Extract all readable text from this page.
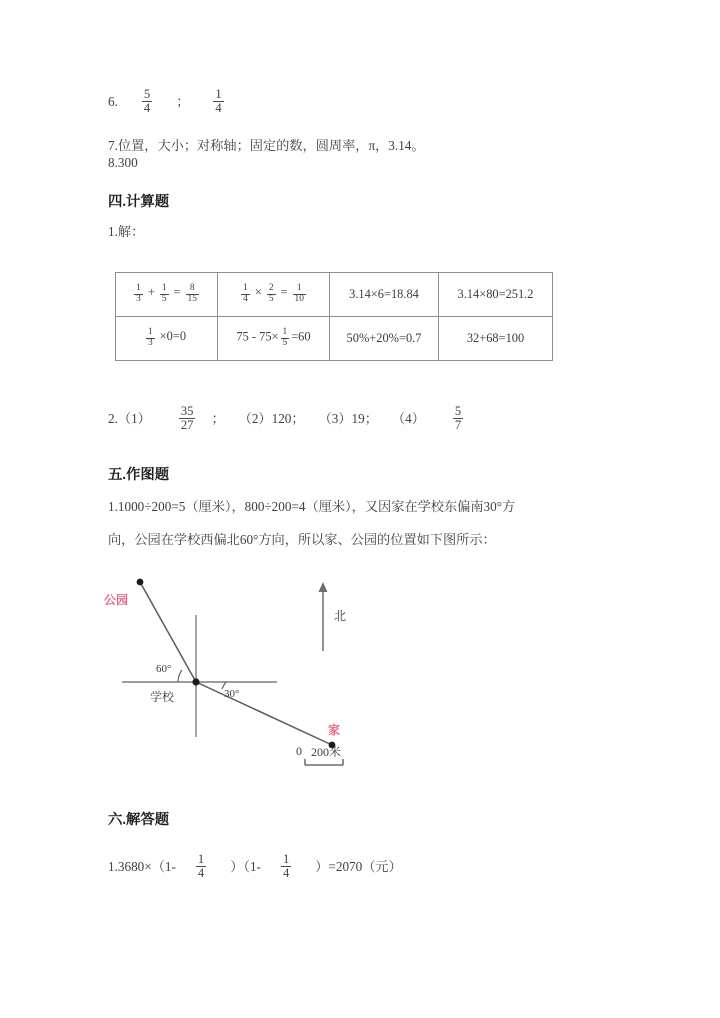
6. $\frac{5}{4}$ ； $\frac{1}{4}$
7.位置，大小；对称轴；固定的数，圆周率，π，3.14。
8.300
四.计算题
1.解：
$\frac{1}{3} + \frac{1}{5} = \frac{8}{15}$	$\frac{1}{4} \times \frac{2}{5} = \frac{1}{10}$	3.14×6=18.84	3.14×80=251.2

$\frac{1}{3} \times 0=0$	$75 - 75\times \frac{1}{5} =60$	50%+20%=0.7	32+68=100
$2.(1) \frac{35}{27}$ ； （2）120； （3）19； $(4) \frac{5}{7}$
五.作图题
1.1000÷200=5（厘米），800÷200=4（厘米），又因家在学校东偏南30°方
向，公园在学校西偏北60°方向，所以家、公园的位置如下图所示：
公园
学校
家
北
60°
30°
0 200米
六.解答题
$1.3680\times(1- \frac{1}{4} )(1- \frac{1}{4} )=2070$（元）
